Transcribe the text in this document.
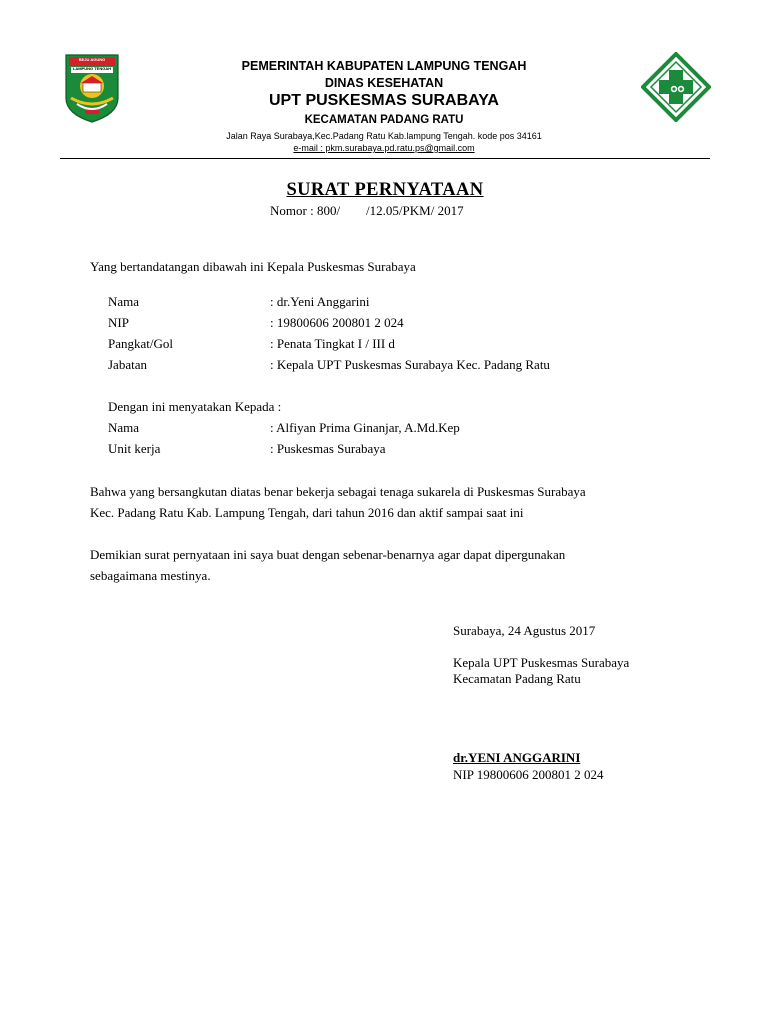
BEJU AGUNG
LAMPUNG TENGAH	PEMERINTAH KABUPATEN LAMPUNG TENGAH
DINAS KESEHATAN
UPT PUSKESMAS SURABAYA
KECAMATAN PADANG RATU
Jalan Raya Surabaya,Kec.Padang Ratu Kab.lampung Tengah. kode pos 34161
e-mail : pkm.surabaya.pd.ratu.ps@gmail.com
SURAT PERNYATAAN
Nomor : 800/        /12.05/PKM/ 2017
Yang bertandatangan dibawah ini Kepala Puskesmas Surabaya
Nama	: dr.Yeni Anggarini
NIP	: 19800606 200801 2 024
Pangkat/Gol	: Penata Tingkat I / III d
Jabatan	: Kepala UPT Puskesmas Surabaya Kec. Padang Ratu
Dengan ini menyatakan Kepada :
Nama	: Alfiyan Prima Ginanjar, A.Md.Kep
Unit kerja	: Puskesmas Surabaya
Bahwa yang bersangkutan diatas benar bekerja sebagai tenaga sukarela di Puskesmas Surabaya
Kec. Padang Ratu Kab. Lampung Tengah, dari tahun 2016 dan aktif sampai saat ini
Demikian surat pernyataan ini saya buat dengan sebenar-benarnya agar dapat dipergunakan
sebagaimana mestinya.
Surabaya, 24 Agustus 2017
Kepala UPT Puskesmas Surabaya
Kecamatan Padang Ratu
dr.YENI ANGGARINI
NIP 19800606 200801 2 024
